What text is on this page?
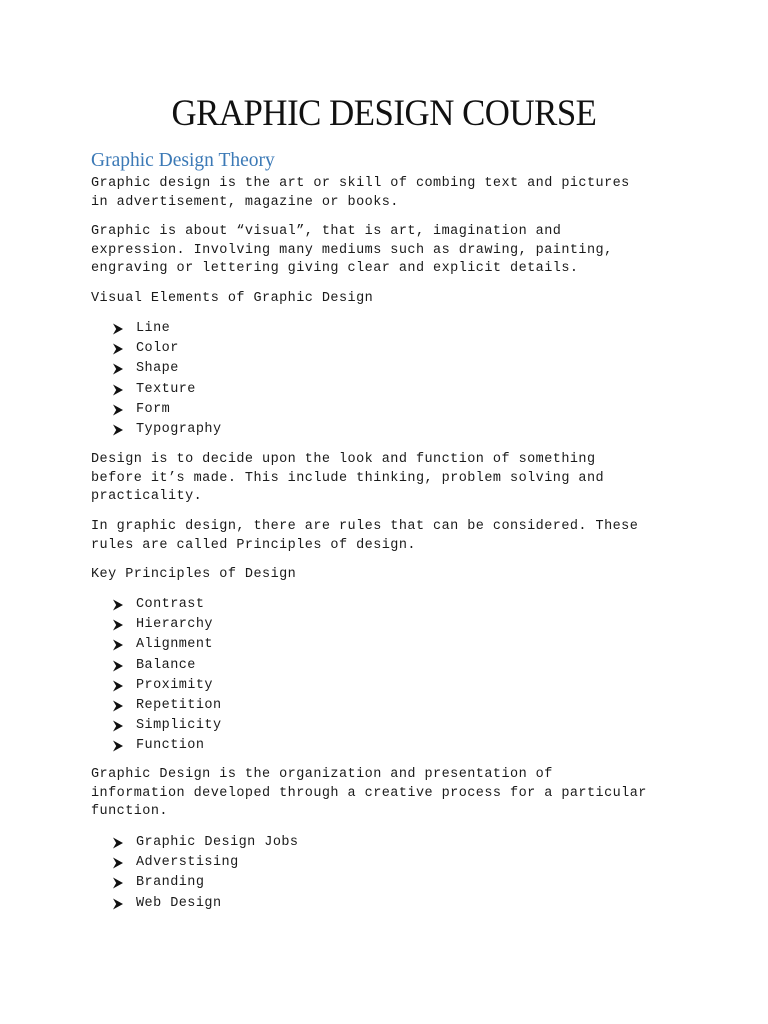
GRAPHIC DESIGN COURSE
Graphic Design Theory

Graphic design is the art or skill of combing text and pictures
in advertisement, magazine or books.

Graphic is about “visual”, that is art, imagination and
expression. Involving many mediums such as drawing, painting,
engraving or lettering giving clear and explicit details.

Visual Elements of Graphic Design

Line
Color
Shape
Texture
Form
Typography

Design is to decide upon the look and function of something
before it’s made. This include thinking, problem solving and
practicality.

In graphic design, there are rules that can be considered. These
rules are called Principles of design.

Key Principles of Design

Contrast
Hierarchy
Alignment
Balance
Proximity
Repetition
Simplicity
Function

Graphic Design is the organization and presentation of
information developed through a creative process for a particular
function.

Graphic Design Jobs
Adverstising
Branding
Web Design
